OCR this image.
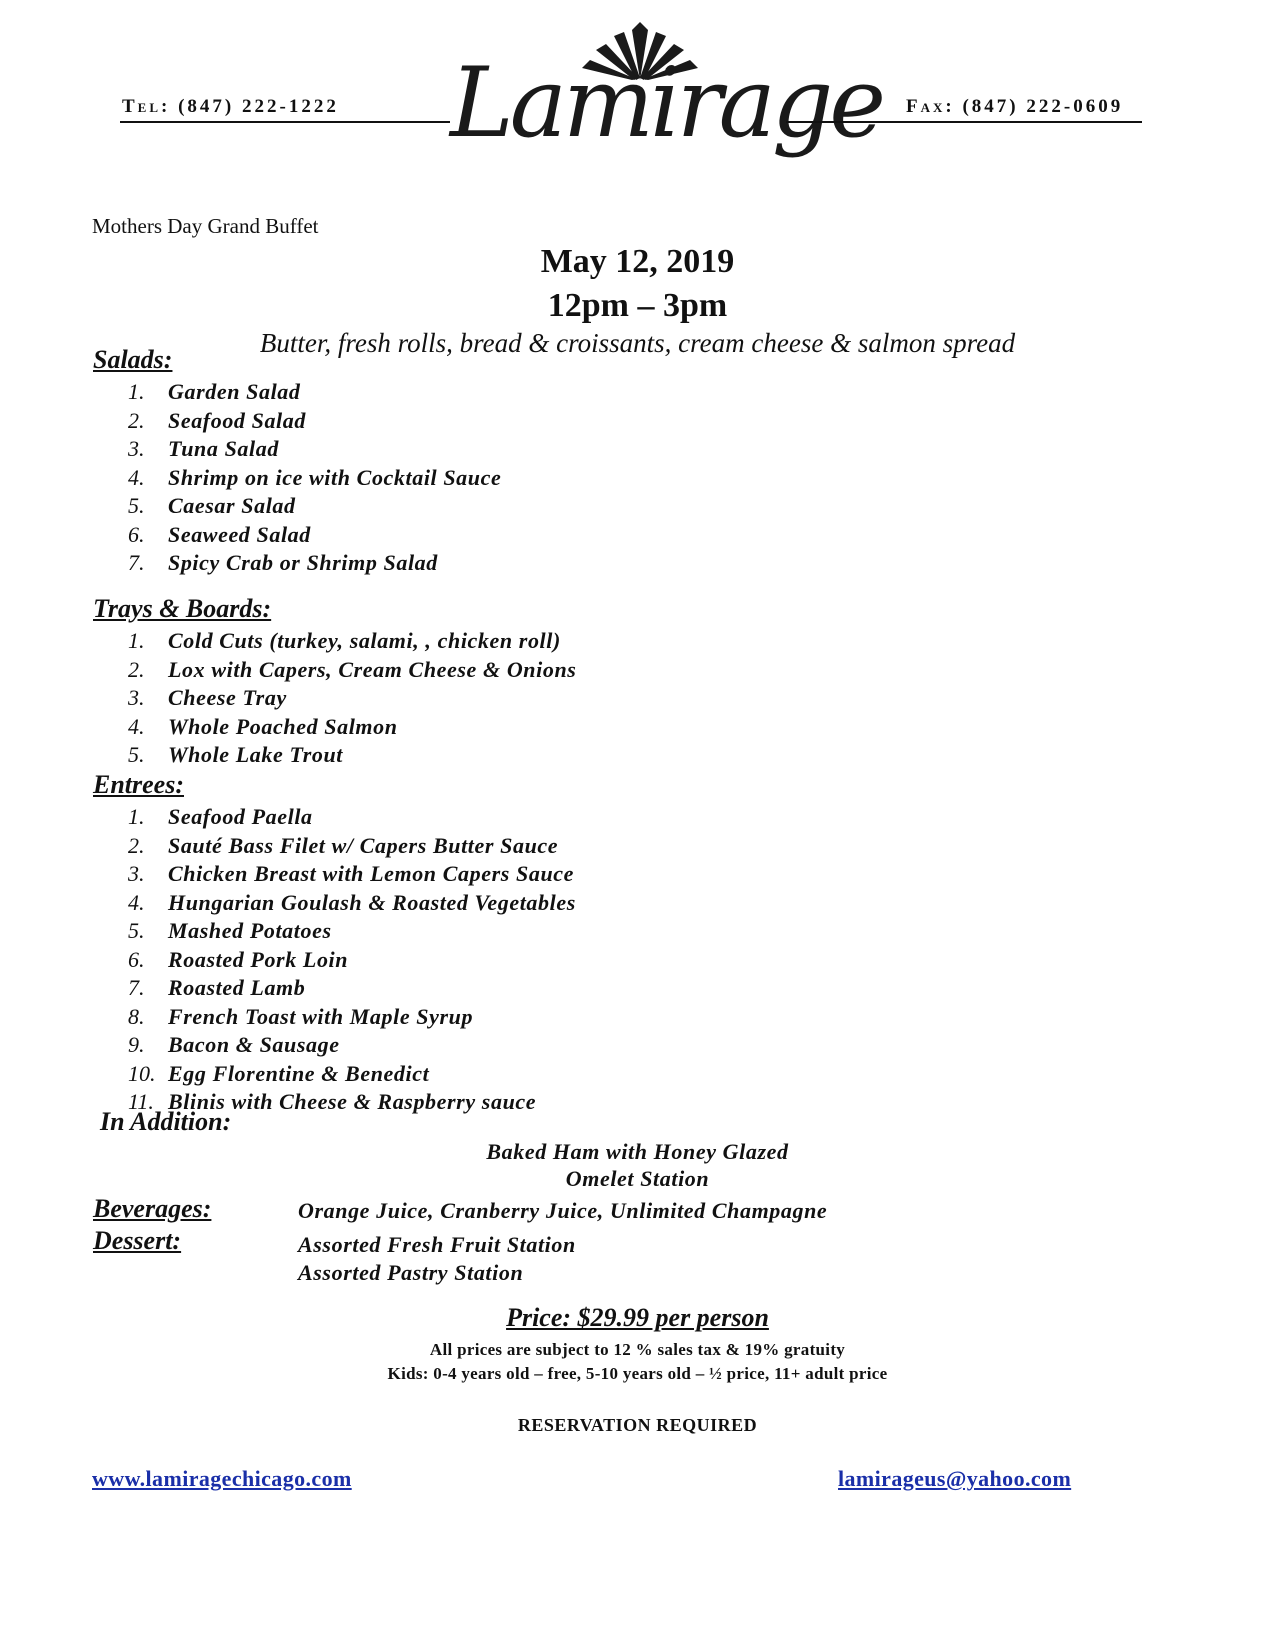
Tel: (847) 222-1222 Lamirage Fax: (847) 222-0609
Mothers Day Grand Buffet
May 12, 2019
12pm – 3pm
Butter, fresh rolls, bread & croissants, cream cheese & salmon spread
Salads:
1. Garden Salad
2. Seafood Salad
3. Tuna Salad
4. Shrimp on ice with Cocktail Sauce
5. Caesar Salad
6. Seaweed Salad
7. Spicy Crab or Shrimp Salad
Trays & Boards:
1. Cold Cuts (turkey, salami, , chicken roll)
2. Lox with Capers, Cream Cheese & Onions
3. Cheese Tray
4. Whole Poached Salmon
5. Whole Lake Trout
Entrees:
1. Seafood Paella
2. Sauté Bass Filet w/ Capers Butter Sauce
3. Chicken Breast with Lemon Capers Sauce
4. Hungarian Goulash & Roasted Vegetables
5. Mashed Potatoes
6. Roasted Pork Loin
7. Roasted Lamb
8. French Toast with Maple Syrup
9. Bacon & Sausage
10. Egg Florentine & Benedict
11. Blinis with Cheese & Raspberry sauce
In Addition:
Baked Ham with Honey Glazed
Omelet Station
Beverages:	Orange Juice, Cranberry Juice, Unlimited Champagne
Dessert:	Assorted Fresh Fruit Station
Assorted Pastry Station
Price: $29.99 per person
All prices are subject to 12 % sales tax & 19% gratuity
Kids: 0-4 years old – free, 5-10 years old – ½ price, 11+ adult price
RESERVATION REQUIRED
www.lamiragechicago.com	lamirageus@yahoo.com
